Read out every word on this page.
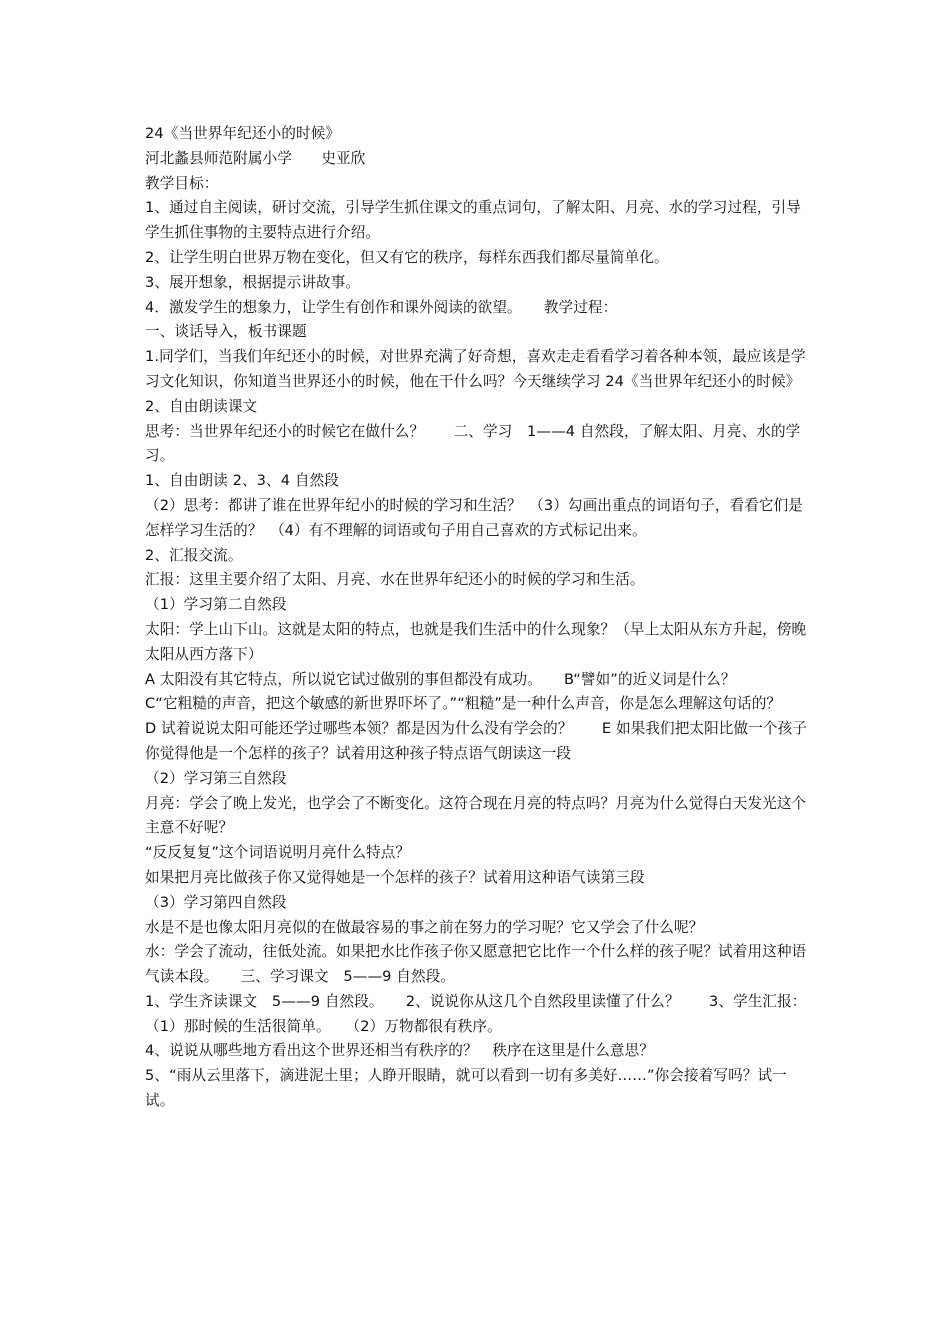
24《当世界年纪还小的时候》

河北蠡县师范附属小学　　史亚欣

教学目标：

1、通过自主阅读，研讨交流，引导学生抓住课文的重点词句，了解太阳、月亮、水的学习过程，引导学生抓住事物的主要特点进行介绍。

2、让学生明白世界万物在变化，但又有它的秩序，每样东西我们都尽量简单化。

3、展开想象，根据提示讲故事。

4．激发学生的想象力，让学生有创作和课外阅读的欲望。　　教学过程：

一、谈话导入，板书课题

1.同学们，当我们年纪还小的时候，对世界充满了好奇想，喜欢走走看看学习着各种本领，最应该是学习文化知识，你知道当世界还小的时候，他在干什么吗？今天继续学习 24《当世界年纪还小的时候》

2、自由朗读课文

思考：当世界年纪还小的时候它在做什么？　　二、学习　1——4 自然段，了解太阳、月亮、水的学习。

1、自由朗读 2、3、4 自然段

（2）思考：都讲了谁在世界年纪小的时候的学习和生活？　（3）勾画出重点的词语句子，看看它们是怎样学习生活的？　（4）有不理解的词语或句子用自己喜欢的方式标记出来。

2、汇报交流。

汇报：这里主要介绍了太阳、月亮、水在世界年纪还小的时候的学习和生活。

（1）学习第二自然段

太阳：学上山下山。这就是太阳的特点，也就是我们生活中的什么现象？（早上太阳从东方升起，傍晚太阳从西方落下）

A 太阳没有其它特点，所以说它试过做别的事但都没有成功。　　B“譬如”的近义词是什么？

C“它粗糙的声音，把这个敏感的新世界吓坏了。”“粗糙”是一种什么声音，你是怎么理解这句话的？

D 试着说说太阳可能还学过哪些本领？都是因为什么没有学会的？　　E 如果我们把太阳比做一个孩子你觉得他是一个怎样的孩子？试着用这种孩子特点语气朗读这一段

（2）学习第三自然段

月亮：学会了晚上发光，也学会了不断变化。这符合现在月亮的特点吗？月亮为什么觉得白天发光这个主意不好呢？

“反反复复”这个词语说明月亮什么特点？

如果把月亮比做孩子你又觉得她是一个怎样的孩子？试着用这种语气读第三段

（3）学习第四自然段

水是不是也像太阳月亮似的在做最容易的事之前在努力的学习呢？它又学会了什么呢？

水：学会了流动，往低处流。如果把水比作孩子你又愿意把它比作一个什么样的孩子呢？试着用这种语气读本段。　　三、学习课文　5——9 自然段。

1、学生齐读课文　5——9 自然段。　　2、说说你从这几个自然段里读懂了什么？　　3、学生汇报：

（1）那时候的生活很简单。　　（2）万物都很有秩序。

4、说说从哪些地方看出这个世界还相当有秩序的？　秩序在这里是什么意思？

5、“雨从云里落下，滴进泥土里；人睁开眼睛，就可以看到一切有多美好……”你会接着写吗？试一试。
